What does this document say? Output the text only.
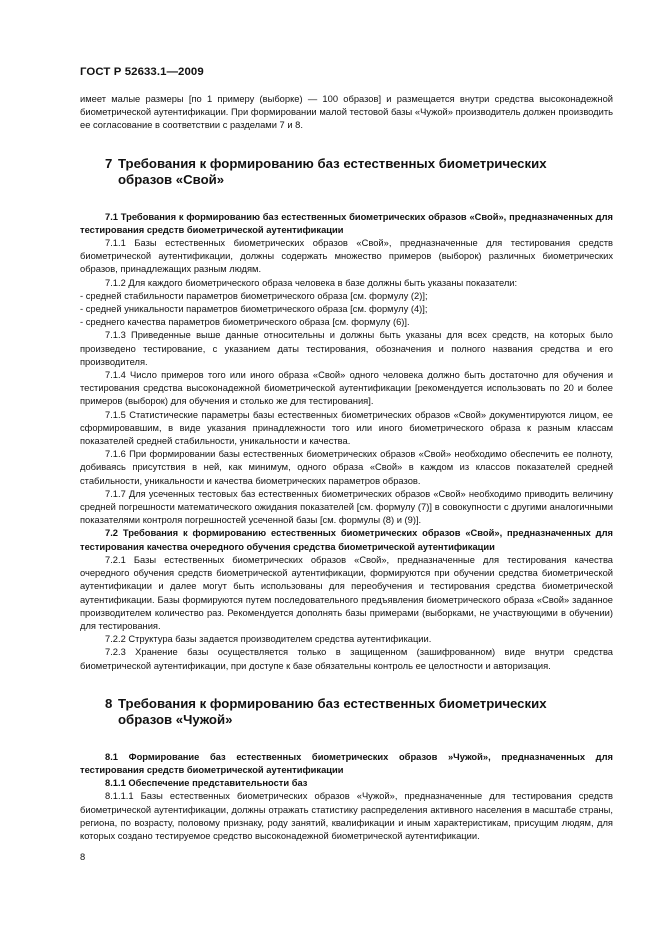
ГОСТ Р 52633.1—2009

имеет малые размеры [по 1 примеру (выборке) — 100 образов] и размещается внутри средства высоконадежной биометрической аутентификации. При формировании малой тестовой базы «Чужой» производитель должен производить ее согласование в соответствии с разделами 7 и 8.

7 Требования к формированию баз естественных биометрических
образов «Свой»

7.1 Требования к формированию баз естественных биометрических образов «Свой», предназначенных для тестирования средств биометрической аутентификации

7.1.1 Базы естественных биометрических образов «Свой», предназначенные для тестирования средств биометрической аутентификации, должны содержать множество примеров (выборок) различных биометрических образов, принадлежащих разным людям.

7.1.2 Для каждого биометрического образа человека в базе должны быть указаны показатели:

- средней стабильности параметров биометрического образа [см. формулу (2)];

- средней уникальности параметров биометрического образа [см. формулу (4)];

- среднего качества параметров биометрического образа [см. формулу (6)].

7.1.3 Приведенные выше данные относительны и должны быть указаны для всех средств, на которых было произведено тестирование, с указанием даты тестирования, обозначения и полного названия средства и его производителя.

7.1.4 Число примеров того или иного образа «Свой» одного человека должно быть достаточно для обучения и тестирования средства высоконадежной биометрической аутентификации [рекомендуется использовать по 20 и более примеров (выборок) для обучения и столько же для тестирования].

7.1.5 Статистические параметры базы естественных биометрических образов «Свой» документируются лицом, ее сформировавшим, в виде указания принадлежности того или иного биометрического образа к разным классам показателей средней стабильности, уникальности и качества.

7.1.6 При формировании базы естественных биометрических образов «Свой» необходимо обеспечить ее полноту, добиваясь присутствия в ней, как минимум, одного образа «Свой» в каждом из классов показателей средней стабильности, уникальности и качества биометрических параметров образов.

7.1.7 Для усеченных тестовых баз естественных биометрических образов «Свой» необходимо приводить величину средней погрешности математического ожидания показателей [см. формулу (7)] в совокупности с другими аналогичными показателями контроля погрешностей усеченной базы [см. формулы (8) и (9)].

7.2 Требования к формированию естественных биометрических образов «Свой», предназначенных для тестирования качества очередного обучения средства биометрической аутентификации

7.2.1 Базы естественных биометрических образов «Свой», предназначенные для тестирования качества очередного обучения средств биометрической аутентификации, формируются при обучении средства биометрической аутентификации и далее могут быть использованы для переобучения и тестирования средства биометрической аутентификации. Базы формируются путем последовательного предъявления биометрического образа «Свой» заданное производителем количество раз. Рекомендуется дополнять базы примерами (выборками, не участвующими в обучении) для тестирования.

7.2.2 Структура базы задается производителем средства аутентификации.

7.2.3 Хранение базы осуществляется только в защищенном (зашифрованном) виде внутри средства биометрической аутентификации, при доступе к базе обязательны контроль ее целостности и авторизация.

8 Требования к формированию баз естественных биометрических
образов «Чужой»

8.1 Формирование баз естественных биометрических образов »Чужой», предназначенных для тестирования средств биометрической аутентификации

8.1.1 Обеспечение представительности баз

8.1.1.1 Базы естественных биометрических образов «Чужой», предназначенные для тестирования средств биометрической аутентификации, должны отражать статистику распределения активного населения в масштабе страны, региона, по возрасту, половому признаку, роду занятий, квалификации и иным характеристикам, присущим людям, для которых создано тестируемое средство высоконадежной биометрической аутентификации.

8
